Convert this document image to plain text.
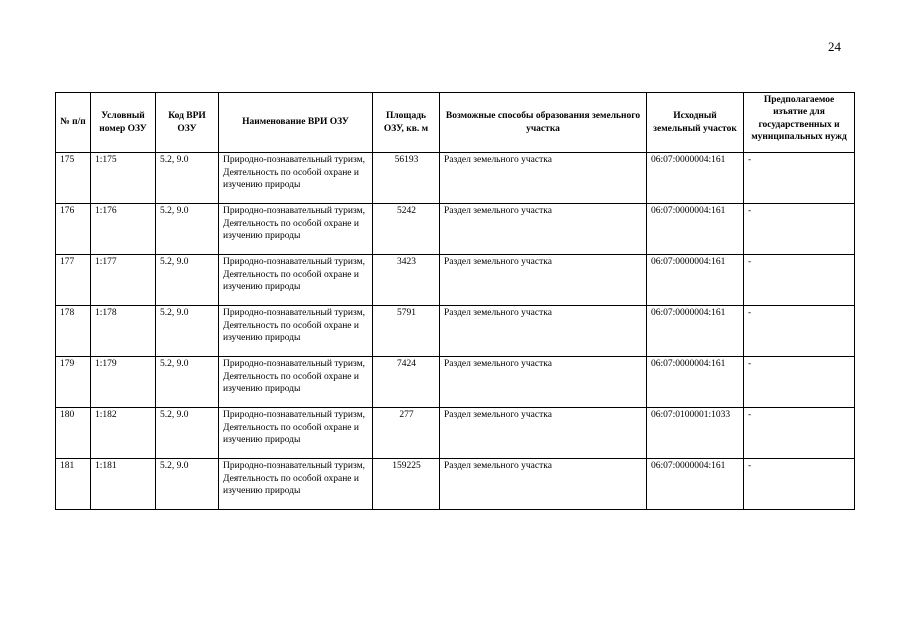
24
№ п/п	Условный номер ОЗУ	Код ВРИ ОЗУ	Наименование ВРИ ОЗУ	Площадь ОЗУ, кв. м	Возможные способы образования земельного участка	Исходный земельный участок	Предполагаемое изъятие для государственных и муниципальных нужд
175	1:175	5.2, 9.0	Природно-познавательный туризм, Деятельность по особой охране и изучению природы	56193	Раздел земельного участка	06:07:0000004:161	-
176	1:176	5.2, 9.0	Природно-познавательный туризм, Деятельность по особой охране и изучению природы	5242	Раздел земельного участка	06:07:0000004:161	-
177	1:177	5.2, 9.0	Природно-познавательный туризм, Деятельность по особой охране и изучению природы	3423	Раздел земельного участка	06:07:0000004:161	-
178	1:178	5.2, 9.0	Природно-познавательный туризм, Деятельность по особой охране и изучению природы	5791	Раздел земельного участка	06:07:0000004:161	-
179	1:179	5.2, 9.0	Природно-познавательный туризм, Деятельность по особой охране и изучению природы	7424	Раздел земельного участка	06:07:0000004:161	-
180	1:182	5.2, 9.0	Природно-познавательный туризм, Деятельность по особой охране и изучению природы	277	Раздел земельного участка	06:07:0100001:1033	-
181	1:181	5.2, 9.0	Природно-познавательный туризм, Деятельность по особой охране и изучению природы	159225	Раздел земельного участка	06:07:0000004:161	-
